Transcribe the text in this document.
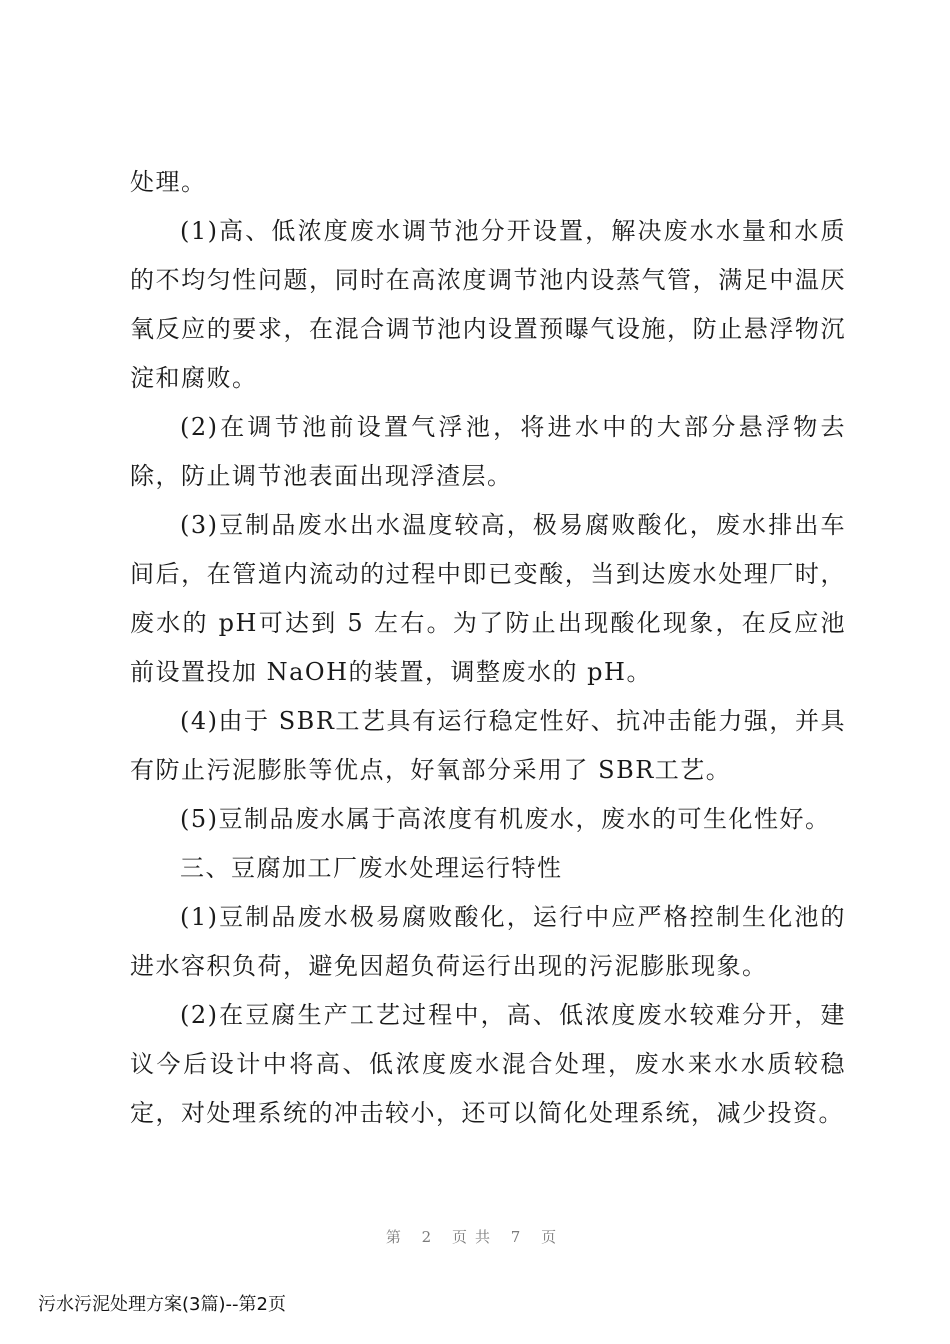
处理。

(1)高、低浓度废水调节池分开设置，解决废水水量和水质的不均匀性问题，同时在高浓度调节池内设蒸气管，满足中温厌氧反应的要求，在混合调节池内设置预曝气设施，防止悬浮物沉淀和腐败。

(2)在调节池前设置气浮池，将进水中的大部分悬浮物去除，防止调节池表面出现浮渣层。

(3)豆制品废水出水温度较高，极易腐败酸化，废水排出车间后，在管道内流动的过程中即已变酸，当到达废水处理厂时，废水的 pH可达到 5 左右。为了防止出现酸化现象，在反应池前设置投加 NaOH的装置，调整废水的 pH。

(4)由于 SBR工艺具有运行稳定性好、抗冲击能力强，并具有防止污泥膨胀等优点，好氧部分采用了 SBR工艺。

(5)豆制品废水属于高浓度有机废水，废水的可生化性好。

三、豆腐加工厂废水处理运行特性

(1)豆制品废水极易腐败酸化，运行中应严格控制生化池的进水容积负荷，避免因超负荷运行出现的污泥膨胀现象。

(2)在豆腐生产工艺过程中，高、低浓度废水较难分开，建议今后设计中将高、低浓度废水混合处理，废水来水水质较稳定，对处理系统的冲击较小，还可以简化处理系统，减少投资。

第 2 页共 7 页
污水污泥处理方案(3篇)--第2页
